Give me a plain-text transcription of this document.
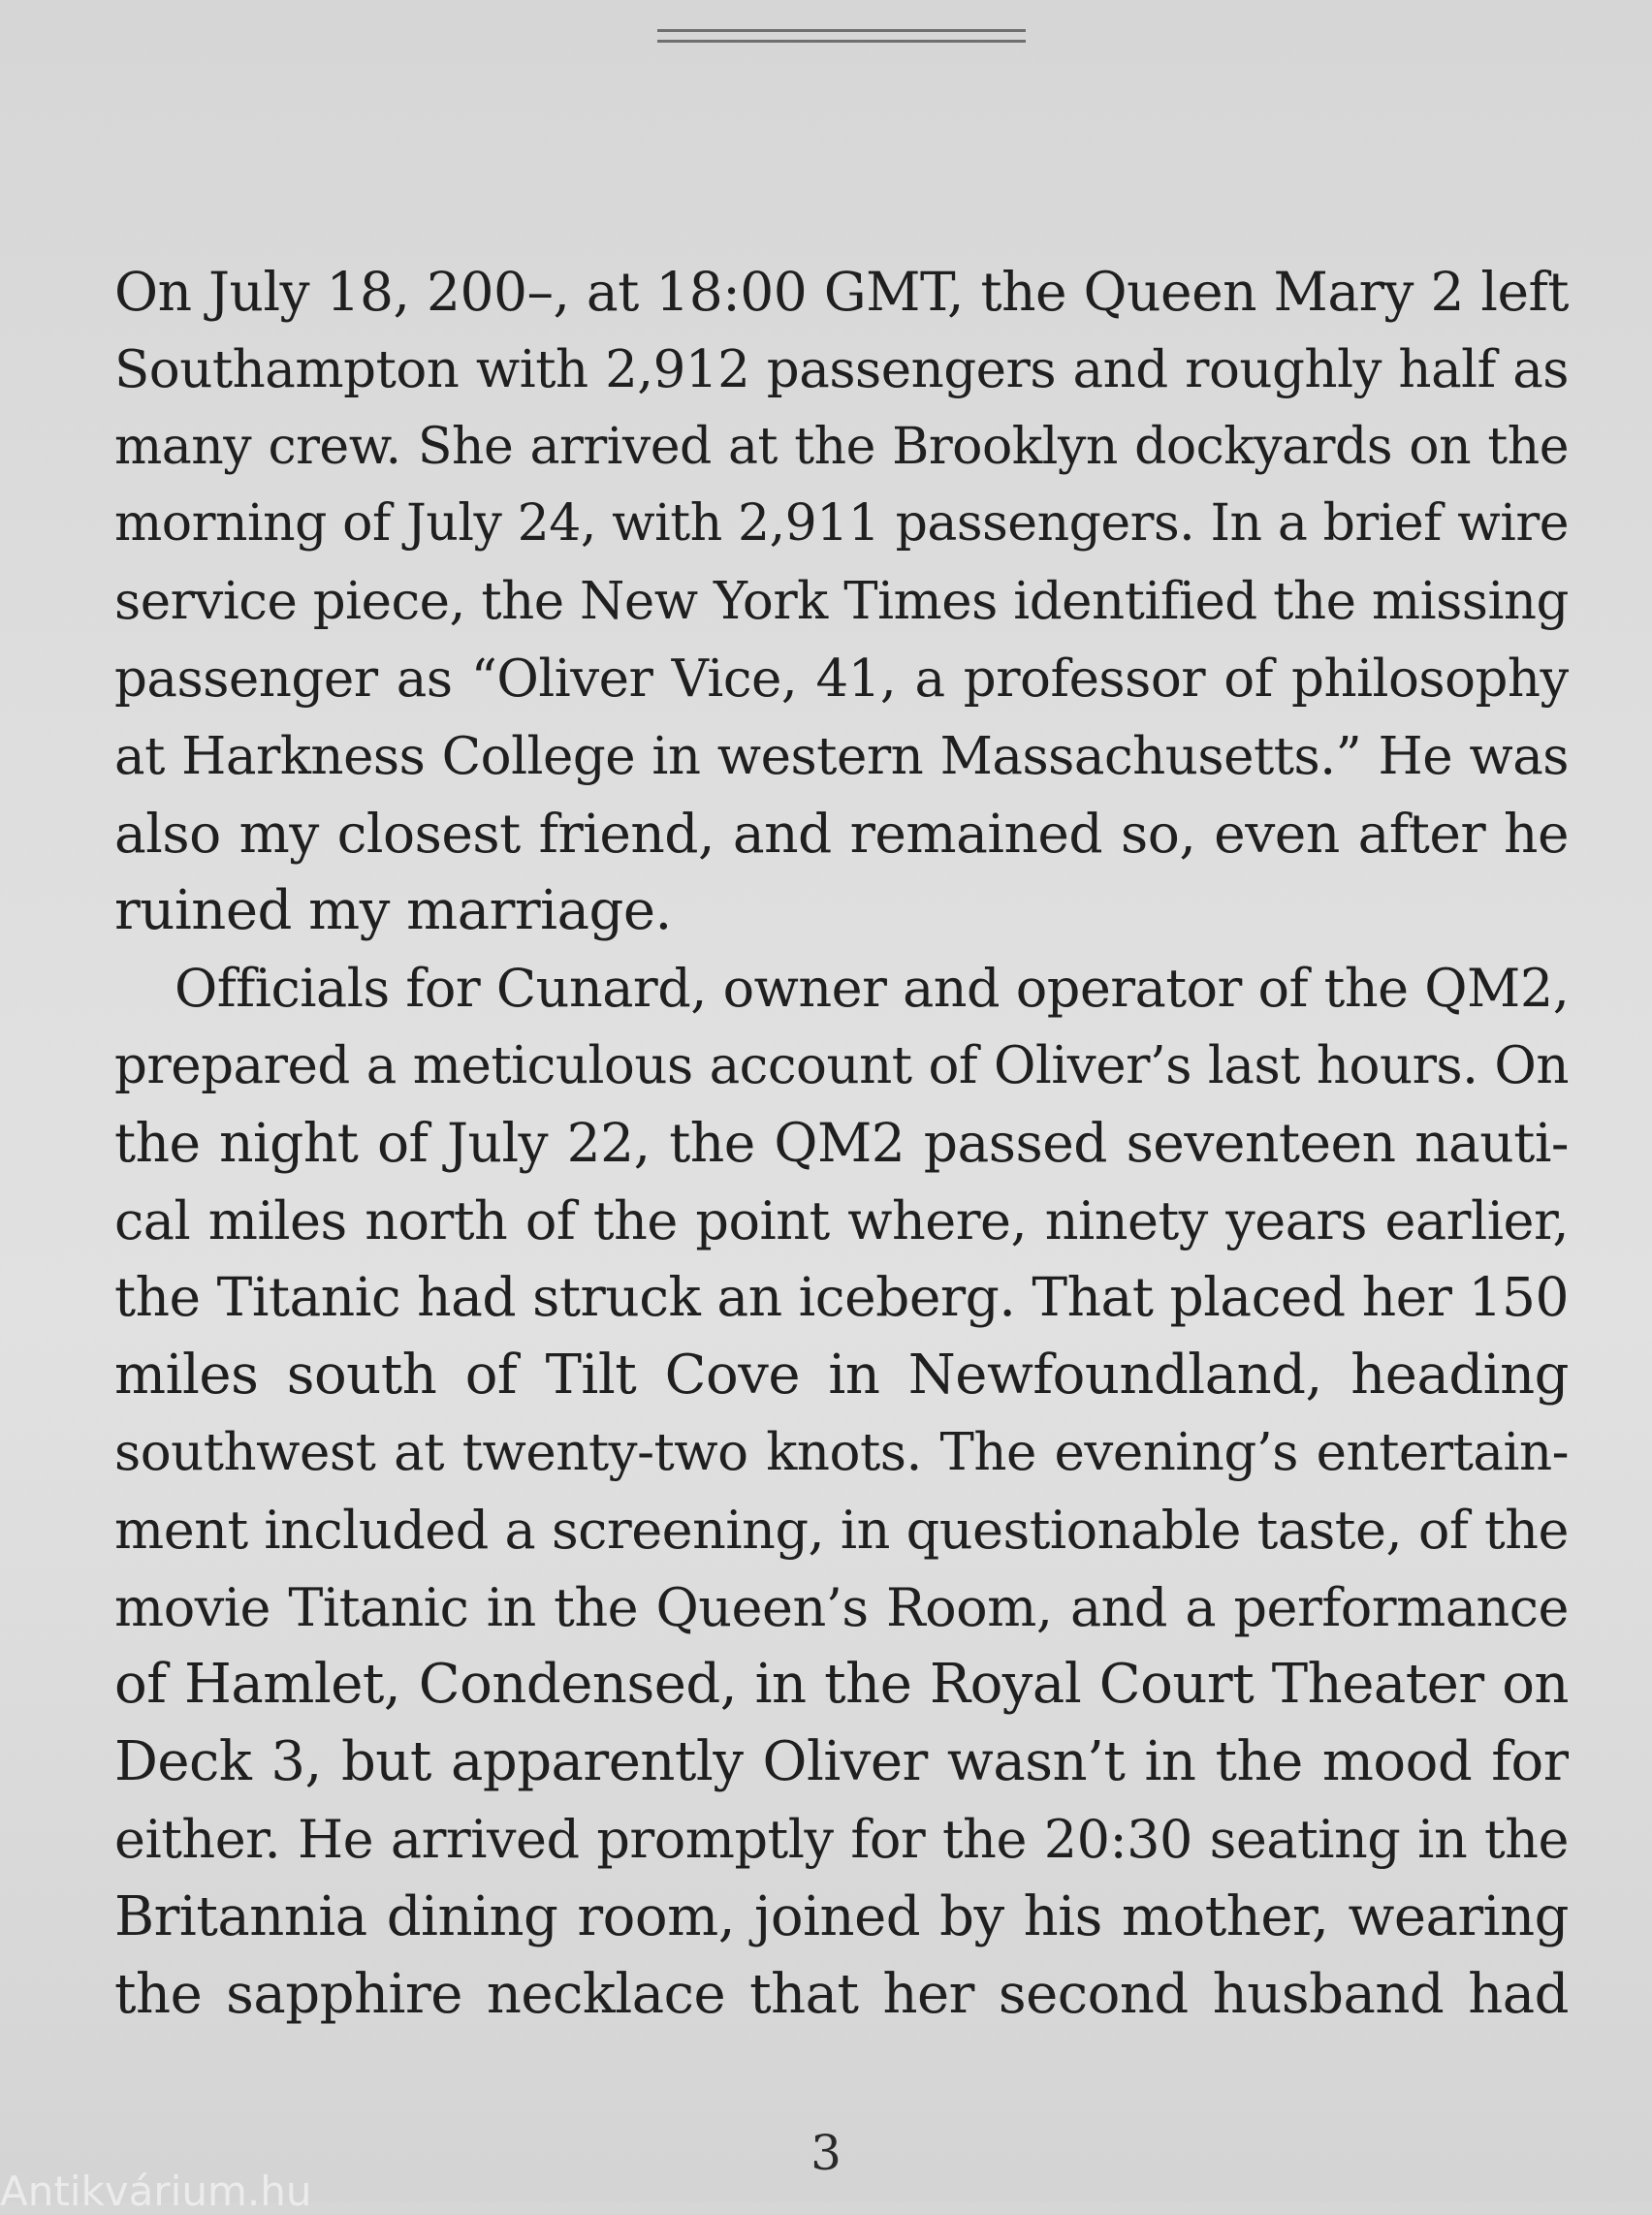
On July 18, 200–, at 18:00 GMT, the Queen Mary 2 left
Southampton with 2,912 passengers and roughly half as
many crew. She arrived at the Brooklyn dockyards on the
morning of July 24, with 2,911 passengers. In a brief wire
service piece, the New York Times identified the missing
passenger as “Oliver Vice, 41, a professor of philosophy
at Harkness College in western Massachusetts.” He was
also my closest friend, and remained so, even after he
ruined my marriage.
Officials for Cunard, owner and operator of the QM2,
prepared a meticulous account of Oliver’s last hours. On
the night of July 22, the QM2 passed seventeen nauti-
cal miles north of the point where, ninety years earlier,
the Titanic had struck an iceberg. That placed her 150
miles south of Tilt Cove in Newfoundland, heading
southwest at twenty-two knots. The evening’s entertain-
ment included a screening, in questionable taste, of the
movie Titanic in the Queen’s Room, and a performance
of Hamlet, Condensed, in the Royal Court Theater on
Deck 3, but apparently Oliver wasn’t in the mood for
either. He arrived promptly for the 20:30 seating in the
Britannia dining room, joined by his mother, wearing
the sapphire necklace that her second husband had
3
Antikvárium.hu
